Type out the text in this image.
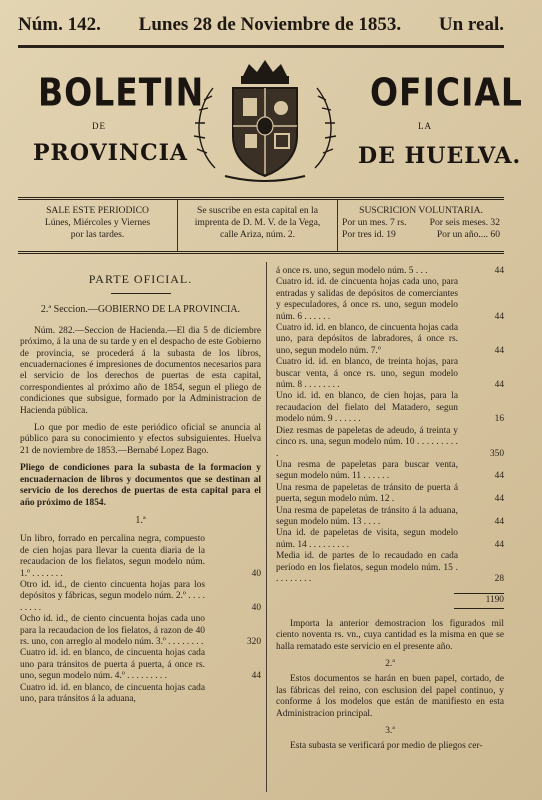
Núm. 142. Lunes 28 de Noviembre de 1853. Un real.
BOLETIN	OFICIAL
DE	LA
PROVINCIA	DE HUELVA.
SALE ESTE PERIODICO
Lúnes, Miércoles y Viernes
por las tardes.
Se suscribe en esta capital en la
imprenta de D. M. V. de la Vega,
calle Ariza, núm. 2.
SUSCRICION VOLUNTARIA.
Por un mes. 7 rs. Por seis meses. 32
Por tres id. 19	Por un año.... 60
PARTE OFICIAL.
2.ª Seccion.—GOBIERNO DE LA PROVINCIA.

Núm. 282.—Seccion de Hacienda.—El dia 5 de diciembre próximo, á la una de su tarde y en el despacho de este Gobierno de provincia, se procederá á la subasta de los libros, encuadernaciones é impresiones de documentos necesarios para el servicio de los derechos de puertas de esta capital, correspondientes al próximo año de 1854, segun el pliego de condiciones que subsigue, formado por la Administracion de Hacienda pública.

Lo que por medio de este periódico oficial se anuncia al público para su conocimiento y efectos subsiguientes. Huelva 21 de noviembre de 1853.—Bernabé Lopez Bago.

Pliego de condiciones para la subasta de la formacion y encuadernacion de libros y documentos que se destinan al servicio de los derechos de puertas de esta capital para el año próximo de 1854.

1.ª
Un libro, forrado en percalina negra, compuesto de cien hojas para llevar la cuenta diaria de la recaudacion de los fielatos, segun modelo núm. 1.º . . . . . . .	40
Otro id. id., de ciento cincuenta hojas para los depósitos y fábricas, segun modelo núm. 2.º . . . . . . . . .	40
Ocho id. id., de ciento cincuenta hojas cada uno para la recaudacion de los fielatos, á razon de 40 rs. uno, con arreglo al modelo núm. 3.º . . . . . . . .	320
Cuatro id. id. en blanco, de cincuenta hojas cada uno para tránsitos de puerta á puerta, á once rs. uno, segun modelo núm. 4.º . . . . . . . . .	44
Cuatro id. id. en blanco, de cincuenta hojas cada uno, para tránsitos á la aduana,
á once rs. uno, segun modelo núm. 5 . . .	44
Cuatro id. id. de cincuenta hojas cada uno, para entradas y salidas de depósitos de comerciantes y especuladores, á once rs. uno, segun modelo núm. 6 . . . . . .	44
Cuatro id. id. en blanco, de cincuenta hojas cada uno, para depósitos de labradores, á once rs. uno, segun modelo núm. 7.º	44
Cuatro id. id. en blanco, de treinta hojas, para buscar venta, á once rs. uno, segun modelo núm. 8 . . . . . . . .	44
Uno id. id. en blanco, de cien hojas, para la recaudacion del fielato del Matadero, segun modelo núm. 9 . . . . . .	16
Diez resmas de papeletas de adeudo, á treinta y cinco rs. una, segun modelo núm. 10 . . . . . . . . . .	350
Una resma de papeletas para buscar venta, segun modelo núm. 11 . . . . . .	44
Una resma de papeletas de tránsito de puerta á puerta, segun modelo núm. 12 .	44
Una resma de papeletas de tránsito á la aduana, segun modelo núm. 13 . . . .	44
Una id. de papeletas de visita, segun modelo núm. 14 . . . . . . . . .	44
Media id. de partes de lo recaudado en cada período en los fielatos, segun modelo núm. 15 . . . . . . . . .	28
1190

Importa la anterior demostracion los figurados mil ciento noventa rs. vn., cuya cantidad es la misma en que se halla rematado este servicio en el presente año.

2.ª

Estos documentos se harán en buen papel, cortado, de las fábricas del reino, con esclusion del papel continuo, y conforme á los modelos que están de manifiesto en esta Administracion principal.

3.ª

Esta subasta se verificará por medio de pliegos cer-
